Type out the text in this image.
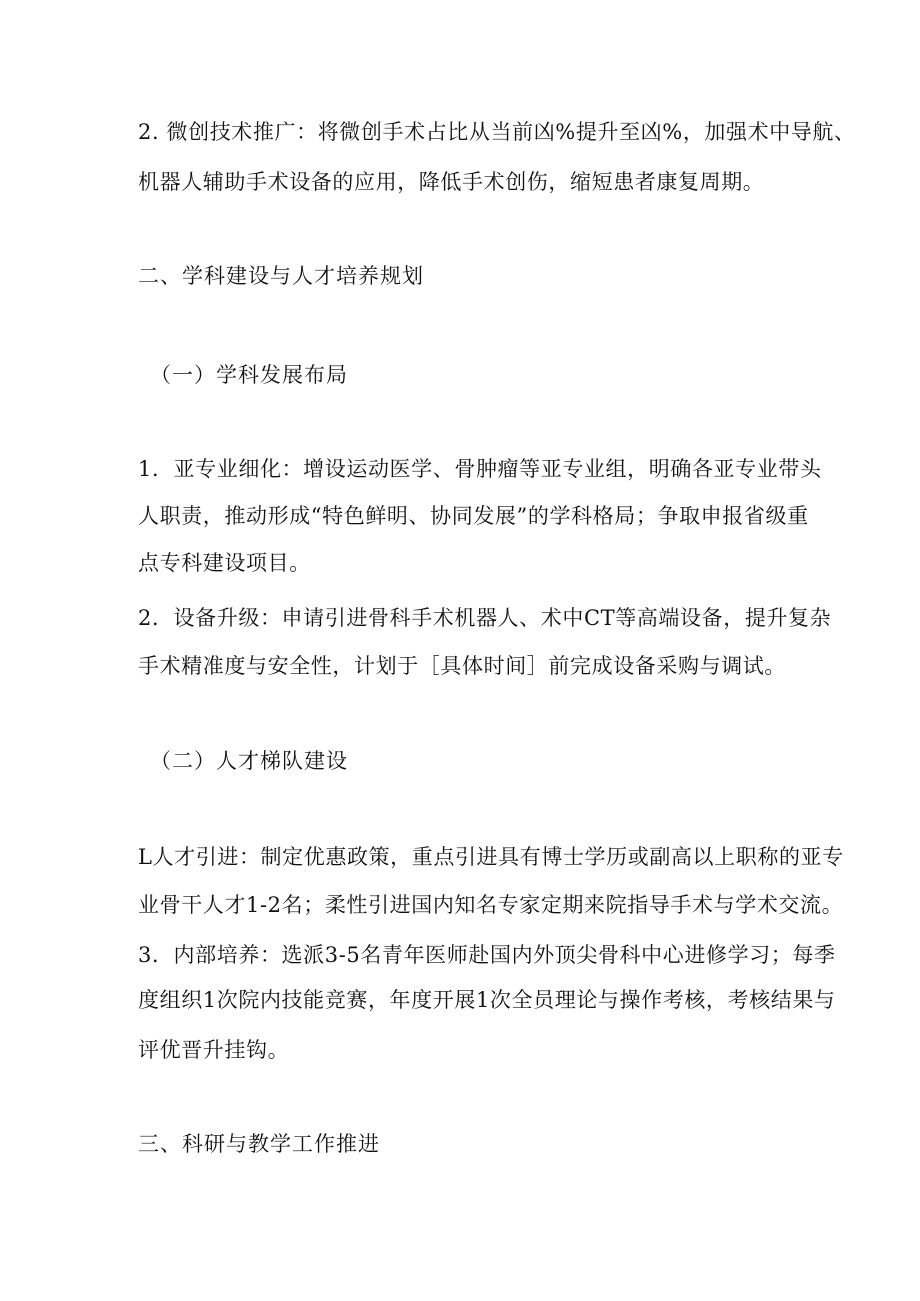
2. 微创技术推广：将微创手术占比从当前凶%提升至凶%，加强术中导航、
机器人辅助手术设备的应用，降低手术创伤，缩短患者康复周期。
二、学科建设与人才培养规划
（一）学科发展布局
1．亚专业细化：增设运动医学、骨肿瘤等亚专业组，明确各亚专业带头
人职责，推动形成“特色鲜明、协同发展”的学科格局；争取申报省级重
点专科建设项目。
2．设备升级：申请引进骨科手术机器人、术中CT等高端设备，提升复杂
手术精准度与安全性，计划于［具体时间］前完成设备采购与调试。
（二）人才梯队建设
L人才引进：制定优惠政策，重点引进具有博士学历或副高以上职称的亚专
业骨干人才1-2名；柔性引进国内知名专家定期来院指导手术与学术交流。
3．内部培养：选派3-5名青年医师赴国内外顶尖骨科中心进修学习；每季
度组织1次院内技能竞赛，年度开展1次全员理论与操作考核，考核结果与
评优晋升挂钩。
三、科研与教学工作推进
